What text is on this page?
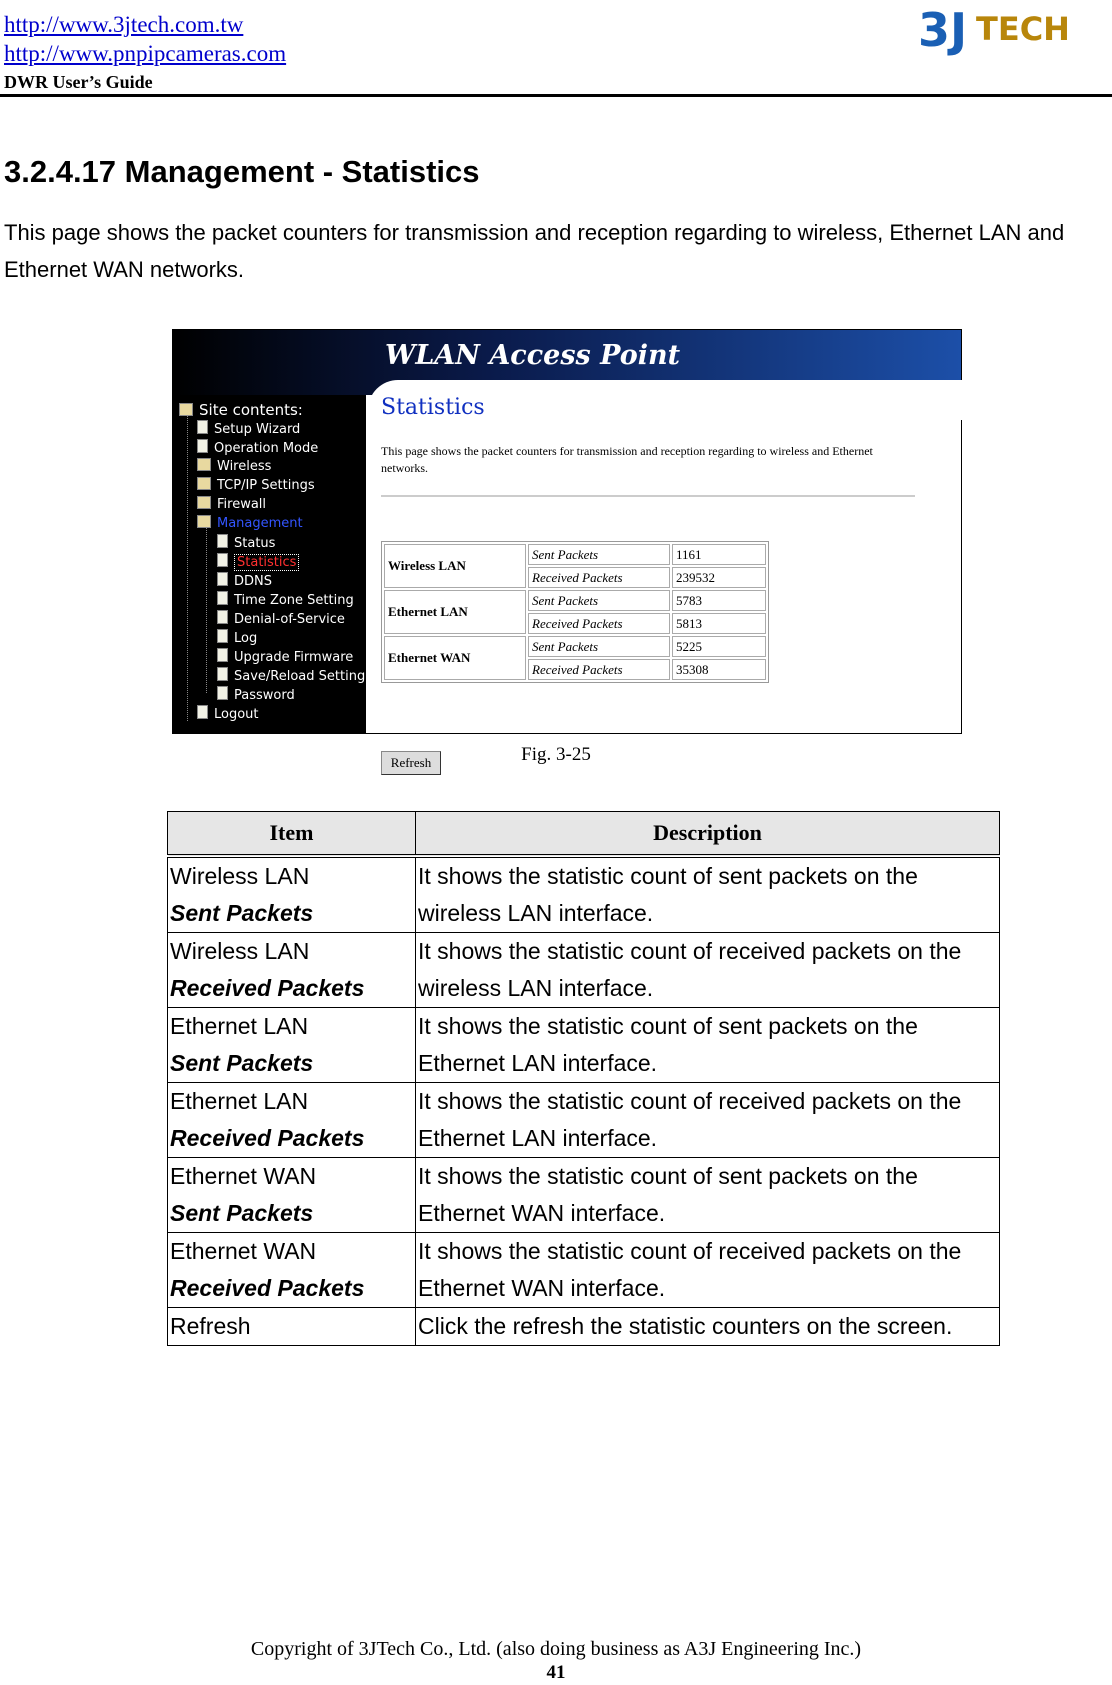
http://www.3jtech.com.tw
http://www.pnpipcameras.com
DWR User’s Guide
3J TECH
3.2.4.17 Management - Statistics

This page shows the packet counters for transmission and reception regarding to wireless, Ethernet LAN and Ethernet WAN networks.

WLAN Access Point
Site contents:
Setup Wizard
Operation Mode
Wireless
TCP/IP Settings
Firewall
Management
Status
Statistics
DDNS
Time Zone Setting
Denial-of-Service
Log
Upgrade Firmware
Save/Reload Setting
Password
Logout
Statistics
This page shows the packet counters for transmission and reception regarding to wireless and Ethernet networks.
Wireless LAN	Sent Packets	1161
	Received Packets	239532
Ethernet LAN	Sent Packets	5783
	Received Packets	5813
Ethernet WAN	Sent Packets	5225
	Received Packets	35308
Refresh	Fig. 3-25
Item	Description

Wireless LAN
Sent Packets	It shows the statistic count of sent packets on the wireless LAN interface.

Wireless LAN
Received Packets	It shows the statistic count of received packets on the wireless LAN interface.

Ethernet LAN
Sent Packets	It shows the statistic count of sent packets on the Ethernet LAN interface.

Ethernet LAN
Received Packets	It shows the statistic count of received packets on the Ethernet LAN interface.

Ethernet WAN
Sent Packets	It shows the statistic count of sent packets on the Ethernet WAN interface.

Ethernet WAN
Received Packets	It shows the statistic count of received packets on the Ethernet WAN interface.

Refresh	Click the refresh the statistic counters on the screen.
Copyright of 3JTech Co., Ltd. (also doing business as A3J Engineering Inc.)
41
